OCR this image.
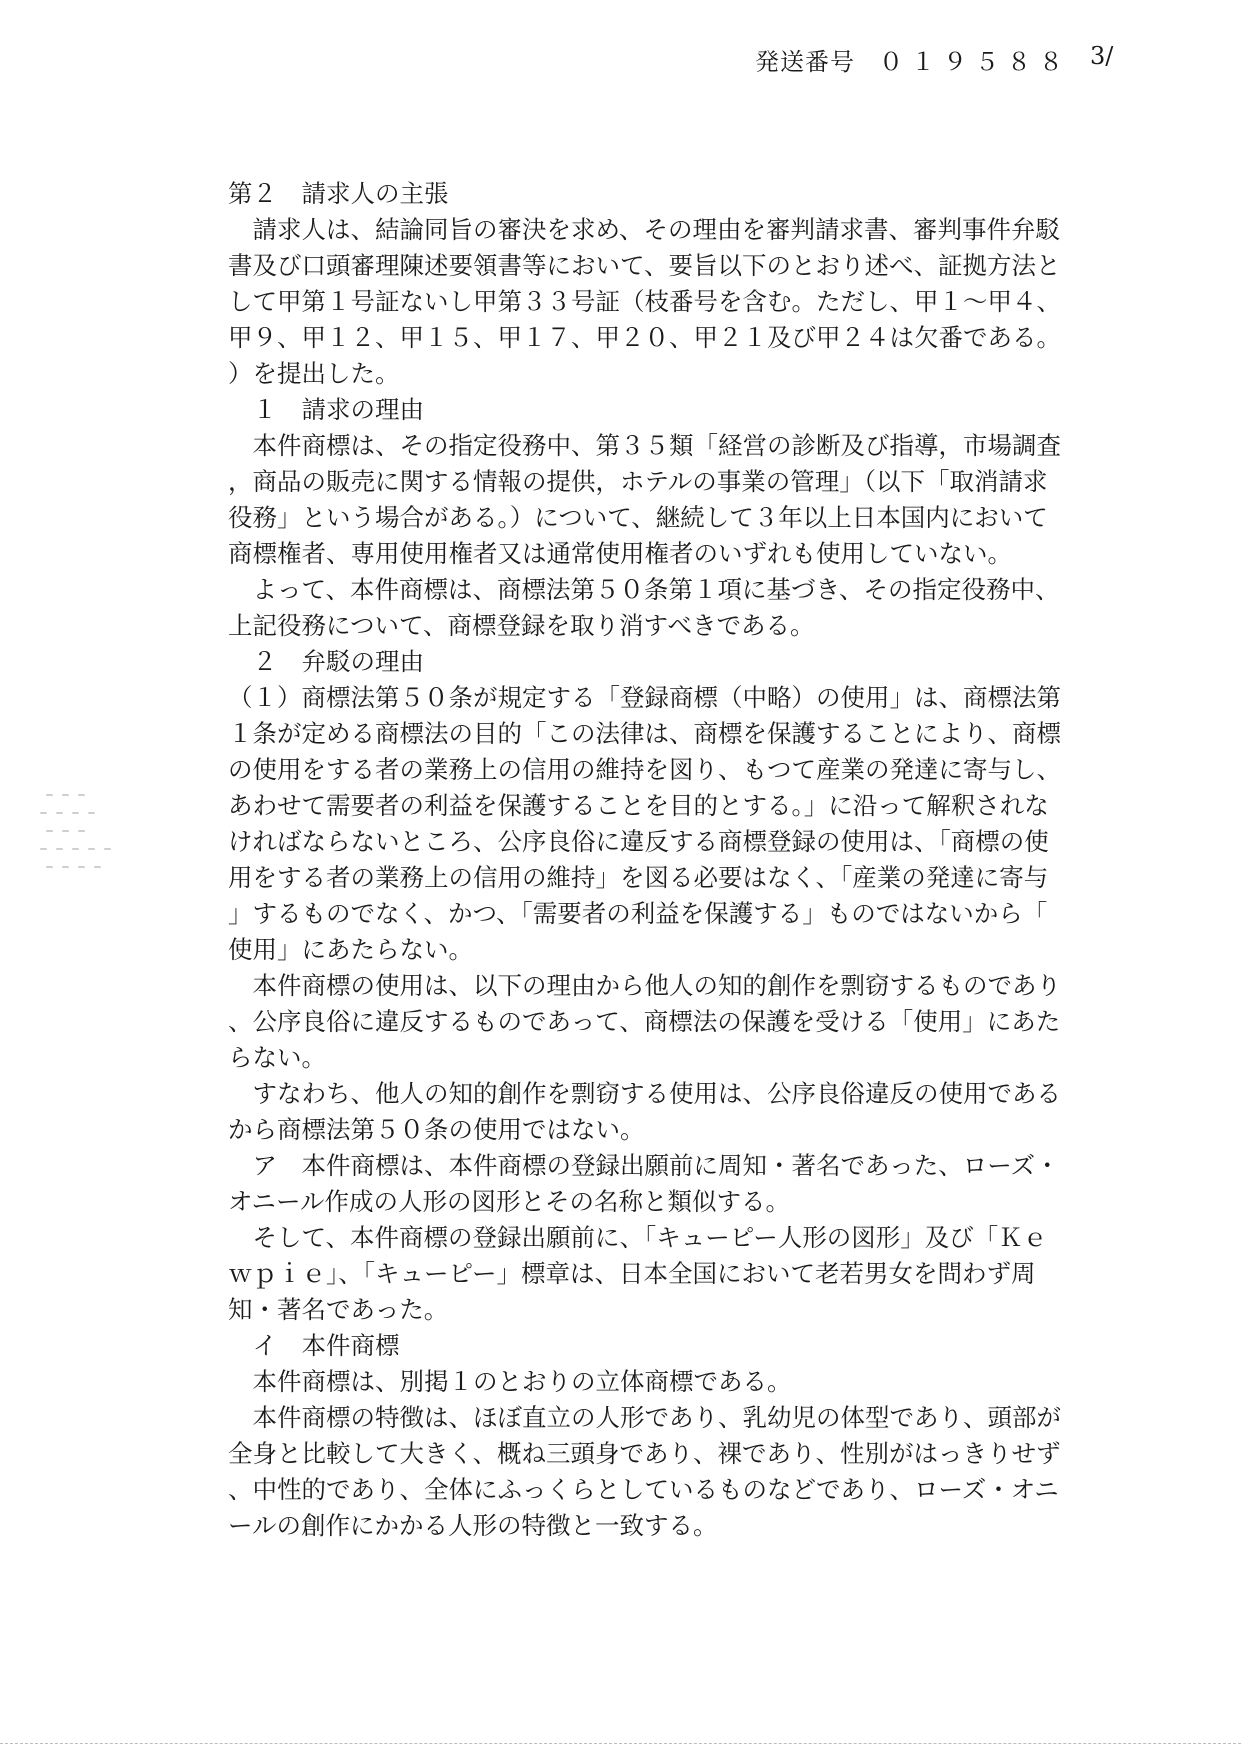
発送番号 ０１９５８８ 3/
第２　請求人の主張
　請求人は、結論同旨の審決を求め、その理由を審判請求書、審判事件弁駁
書及び口頭審理陳述要領書等において、要旨以下のとおり述べ、証拠方法と
して甲第１号証ないし甲第３３号証（枝番号を含む。ただし、甲１～甲４、
甲９、甲１２、甲１５、甲１７、甲２０、甲２１及び甲２４は欠番である。
）を提出した。
　１　請求の理由
　本件商標は、その指定役務中、第３５類「経営の診断及び指導，市場調査
，商品の販売に関する情報の提供，ホテルの事業の管理」（以下「取消請求
役務」という場合がある。）について、継続して３年以上日本国内において
商標権者、専用使用権者又は通常使用権者のいずれも使用していない。
　よって、本件商標は、商標法第５０条第１項に基づき、その指定役務中、
上記役務について、商標登録を取り消すべきである。
　２　弁駁の理由
（１）商標法第５０条が規定する「登録商標（中略）の使用」は、商標法第
１条が定める商標法の目的「この法律は、商標を保護することにより、商標
の使用をする者の業務上の信用の維持を図り、もつて産業の発達に寄与し、
あわせて需要者の利益を保護することを目的とする。」に沿って解釈されな
ければならないところ、公序良俗に違反する商標登録の使用は、「商標の使
用をする者の業務上の信用の維持」を図る必要はなく、「産業の発達に寄与
」するものでなく、かつ、「需要者の利益を保護する」ものではないから「
使用」にあたらない。
　本件商標の使用は、以下の理由から他人の知的創作を剽窃するものであり
、公序良俗に違反するものであって、商標法の保護を受ける「使用」にあた
らない。
　すなわち、他人の知的創作を剽窃する使用は、公序良俗違反の使用である
から商標法第５０条の使用ではない。
　ア　本件商標は、本件商標の登録出願前に周知・著名であった、ローズ・
オニール作成の人形の図形とその名称と類似する。
　そして、本件商標の登録出願前に、「キューピー人形の図形」及び「Ｋｅ
ｗｐｉｅ」、「キューピー」標章は、日本全国において老若男女を問わず周
知・著名であった。
　イ　本件商標
　本件商標は、別掲１のとおりの立体商標である。
　本件商標の特徴は、ほぼ直立の人形であり、乳幼児の体型であり、頭部が
全身と比較して大きく、概ね三頭身であり、裸であり、性別がはっきりせず
、中性的であり、全体にふっくらとしているものなどであり、ローズ・オニ
ールの創作にかかる人形の特徴と一致する。
